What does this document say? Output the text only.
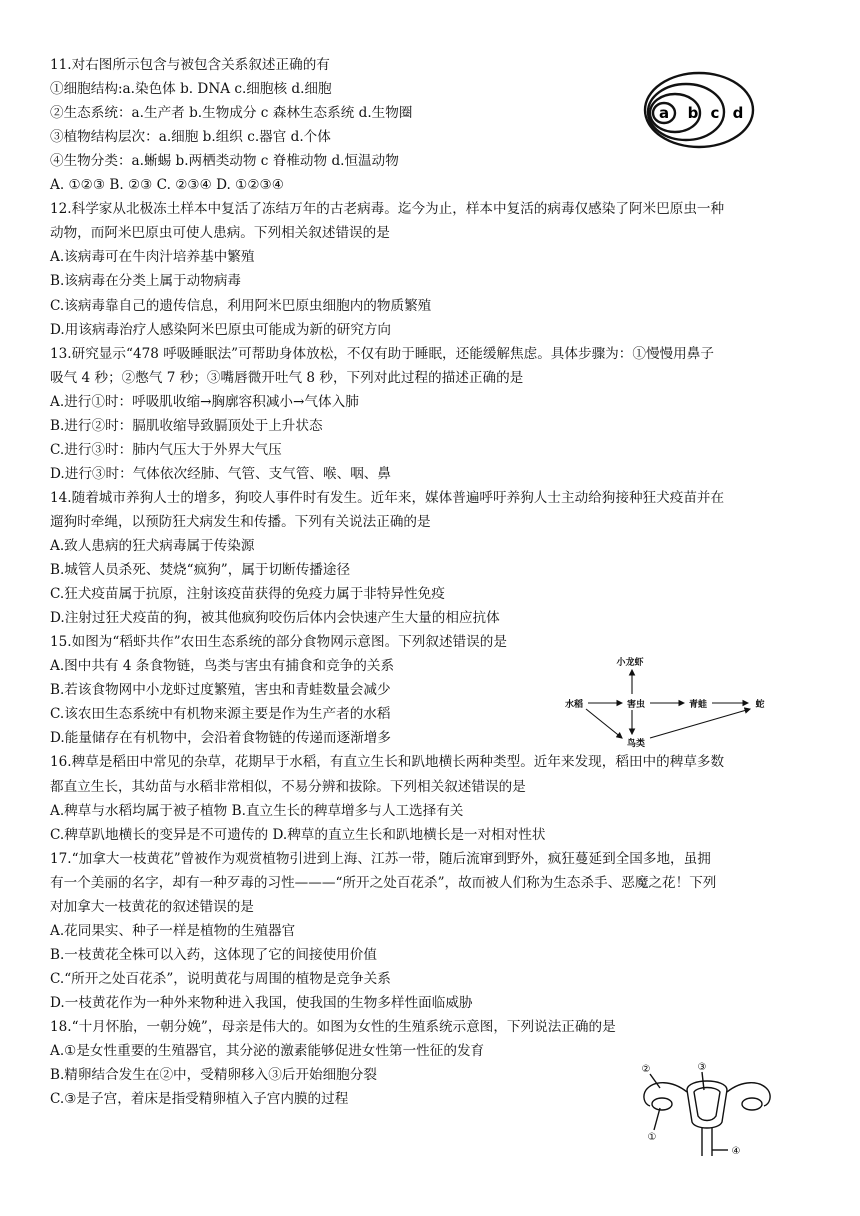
11.对右图所示包含与被包含关系叙述正确的有
①细胞结构:a.染色体 b. DNA c.细胞核 d.细胞
②生态系统：a.生产者 b.生物成分 c 森林生态系统 d.生物圈
③植物结构层次：a.细胞 b.组织 c.器官 d.个体
④生物分类：a.蜥蜴 b.两栖类动物 c 脊椎动物 d.恒温动物
A. ①②③ B. ②③ C. ②③④ D. ①②③④
12.科学家从北极冻土样本中复活了冻结万年的古老病毒。迄今为止，样本中复活的病毒仅感染了阿米巴原虫一种
动物，而阿米巴原虫可使人患病。下列相关叙述错误的是
A.该病毒可在牛肉汁培养基中繁殖
B.该病毒在分类上属于动物病毒
C.该病毒靠自己的遗传信息，利用阿米巴原虫细胞内的物质繁殖
D.用该病毒治疗人感染阿米巴原虫可能成为新的研究方向
13.研究显示“478 呼吸睡眠法”可帮助身体放松，不仅有助于睡眠，还能缓解焦虑。具体步骤为：①慢慢用鼻子
吸气 4 秒；②憋气 7 秒；③嘴唇微开吐气 8 秒，下列对此过程的描述正确的是
A.进行①时：呼吸肌收缩→胸廓容积减小→气体入肺
B.进行②时：膈肌收缩导致膈顶处于上升状态
C.进行③时：肺内气压大于外界大气压
D.进行③时：气体依次经肺、气管、支气管、喉、咽、鼻
14.随着城市养狗人士的增多，狗咬人事件时有发生。近年来，媒体普遍呼吁养狗人士主动给狗接种狂犬疫苗并在
遛狗时牵绳，以预防狂犬病发生和传播。下列有关说法正确的是
A.致人患病的狂犬病毒属于传染源
B.城管人员杀死、焚烧“疯狗”，属于切断传播途径
C.狂犬疫苗属于抗原，注射该疫苗获得的免疫力属于非特异性免疫
D.注射过狂犬疫苗的狗，被其他疯狗咬伤后体内会快速产生大量的相应抗体
15.如图为“稻虾共作”农田生态系统的部分食物网示意图。下列叙述错误的是
A.图中共有 4 条食物链，鸟类与害虫有捕食和竞争的关系
B.若该食物网中小龙虾过度繁殖，害虫和青蛙数量会减少
C.该农田生态系统中有机物来源主要是作为生产者的水稻
D.能量储存在有机物中，会沿着食物链的传递而逐渐增多
16.稗草是稻田中常见的杂草，花期早于水稻，有直立生长和趴地横长两种类型。近年来发现，稻田中的稗草多数
都直立生长，其幼苗与水稻非常相似，不易分辨和拔除。下列相关叙述错误的是
A.稗草与水稻均属于被子植物 B.直立生长的稗草增多与人工选择有关
C.稗草趴地横长的变异是不可遗传的 D.稗草的直立生长和趴地横长是一对相对性状
17.“加拿大一枝黄花”曾被作为观赏植物引进到上海、江苏一带，随后流窜到野外，疯狂蔓延到全国多地，虽拥
有一个美丽的名字，却有一种歹毒的习性———“所开之处百花杀”，故而被人们称为生态杀手、恶魔之花！下列
对加拿大一枝黄花的叙述错误的是
A.花同果实、种子一样是植物的生殖器官
B.一枝黄花全株可以入药，这体现了它的间接使用价值
C.“所开之处百花杀”，说明黄花与周围的植物是竞争关系
D.一枝黄花作为一种外来物种进入我国，使我国的生物多样性面临威胁
18.“十月怀胎，一朝分娩”，母亲是伟大的。如图为女性的生殖系统示意图，下列说法正确的是
A.①是女性重要的生殖器官，其分泌的激素能够促进女性第一性征的发育
B.精卵结合发生在②中，受精卵移入③后开始细胞分裂
C.③是子宫，着床是指受精卵植入子宫内膜的过程
a b c d
小龙虾
水稻	害虫	青蛙	蛇
鸟类
②	③
①
④
